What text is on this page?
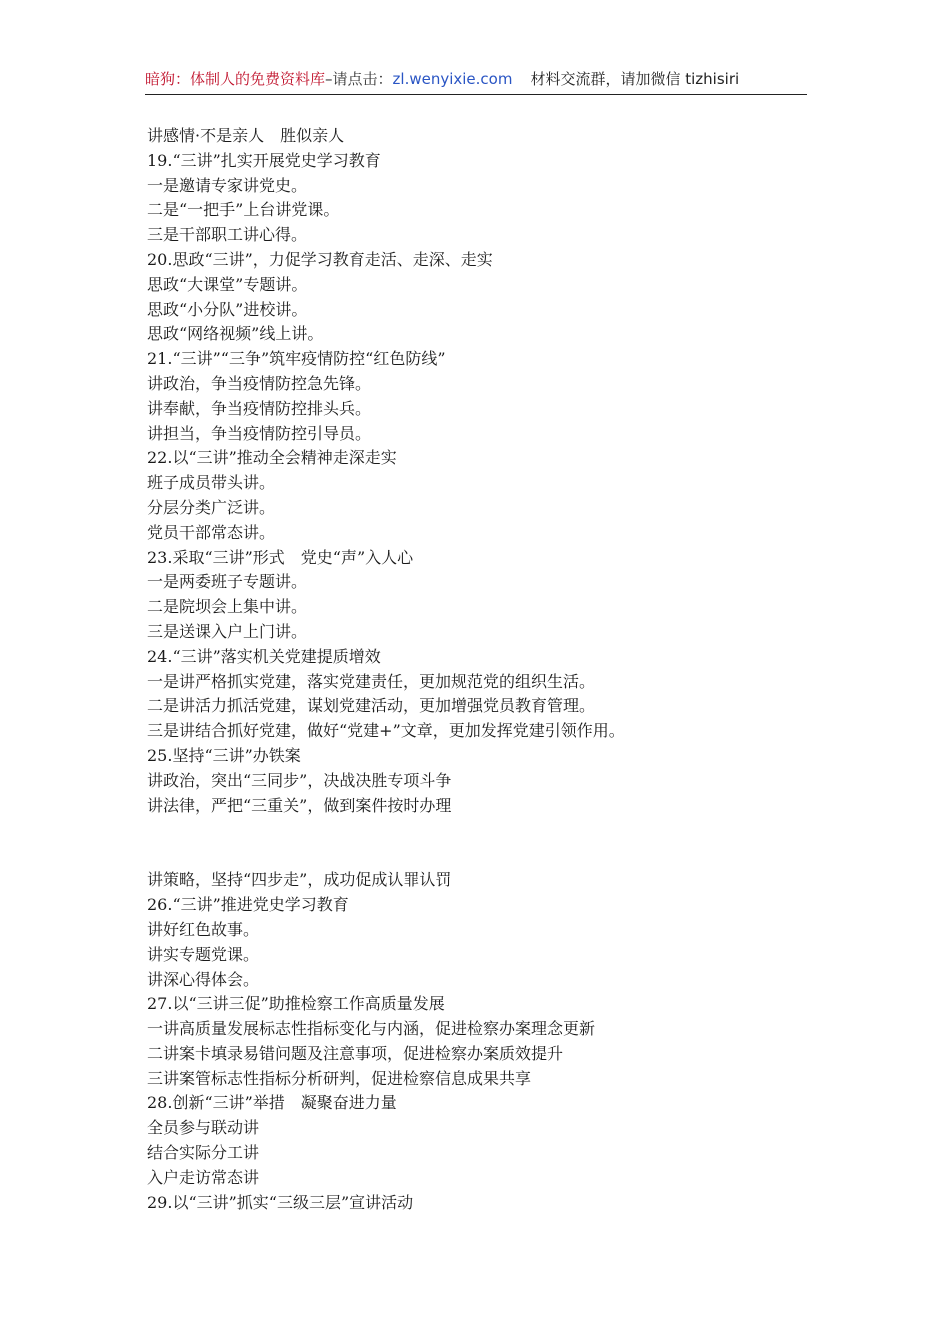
暗狗：体制人的免费资料库–请点击：zl.wenyixie.com 材料交流群，请加微信 tizhisiri
讲感情·不是亲人　胜似亲人
19.“三讲”扎实开展党史学习教育
一是邀请专家讲党史。
二是“一把手”上台讲党课。
三是干部职工讲心得。
20.思政“三讲”，力促学习教育走活、走深、走实
思政“大课堂”专题讲。
思政“小分队”进校讲。
思政“网络视频”线上讲。
21.“三讲”“三争”筑牢疫情防控“红色防线”
讲政治，争当疫情防控急先锋。
讲奉献，争当疫情防控排头兵。
讲担当，争当疫情防控引导员。
22.以“三讲”推动全会精神走深走实
班子成员带头讲。
分层分类广泛讲。
党员干部常态讲。
23.采取“三讲”形式　党史“声”入人心
一是两委班子专题讲。
二是院坝会上集中讲。
三是送课入户上门讲。
24.“三讲”落实机关党建提质增效
一是讲严格抓实党建，落实党建责任，更加规范党的组织生活。
二是讲活力抓活党建，谋划党建活动，更加增强党员教育管理。
三是讲结合抓好党建，做好“党建+”文章，更加发挥党建引领作用。
25.坚持“三讲”办铁案
讲政治，突出“三同步”，决战决胜专项斗争
讲法律，严把“三重关”，做到案件按时办理
讲策略，坚持“四步走”，成功促成认罪认罚
26.“三讲”推进党史学习教育
讲好红色故事。
讲实专题党课。
讲深心得体会。
27.以“三讲三促”助推检察工作高质量发展
一讲高质量发展标志性指标变化与内涵，促进检察办案理念更新
二讲案卡填录易错问题及注意事项，促进检察办案质效提升
三讲案管标志性指标分析研判，促进检察信息成果共享
28.创新“三讲”举措　凝聚奋进力量
全员参与联动讲
结合实际分工讲
入户走访常态讲
29.以“三讲”抓实“三级三层”宣讲活动
